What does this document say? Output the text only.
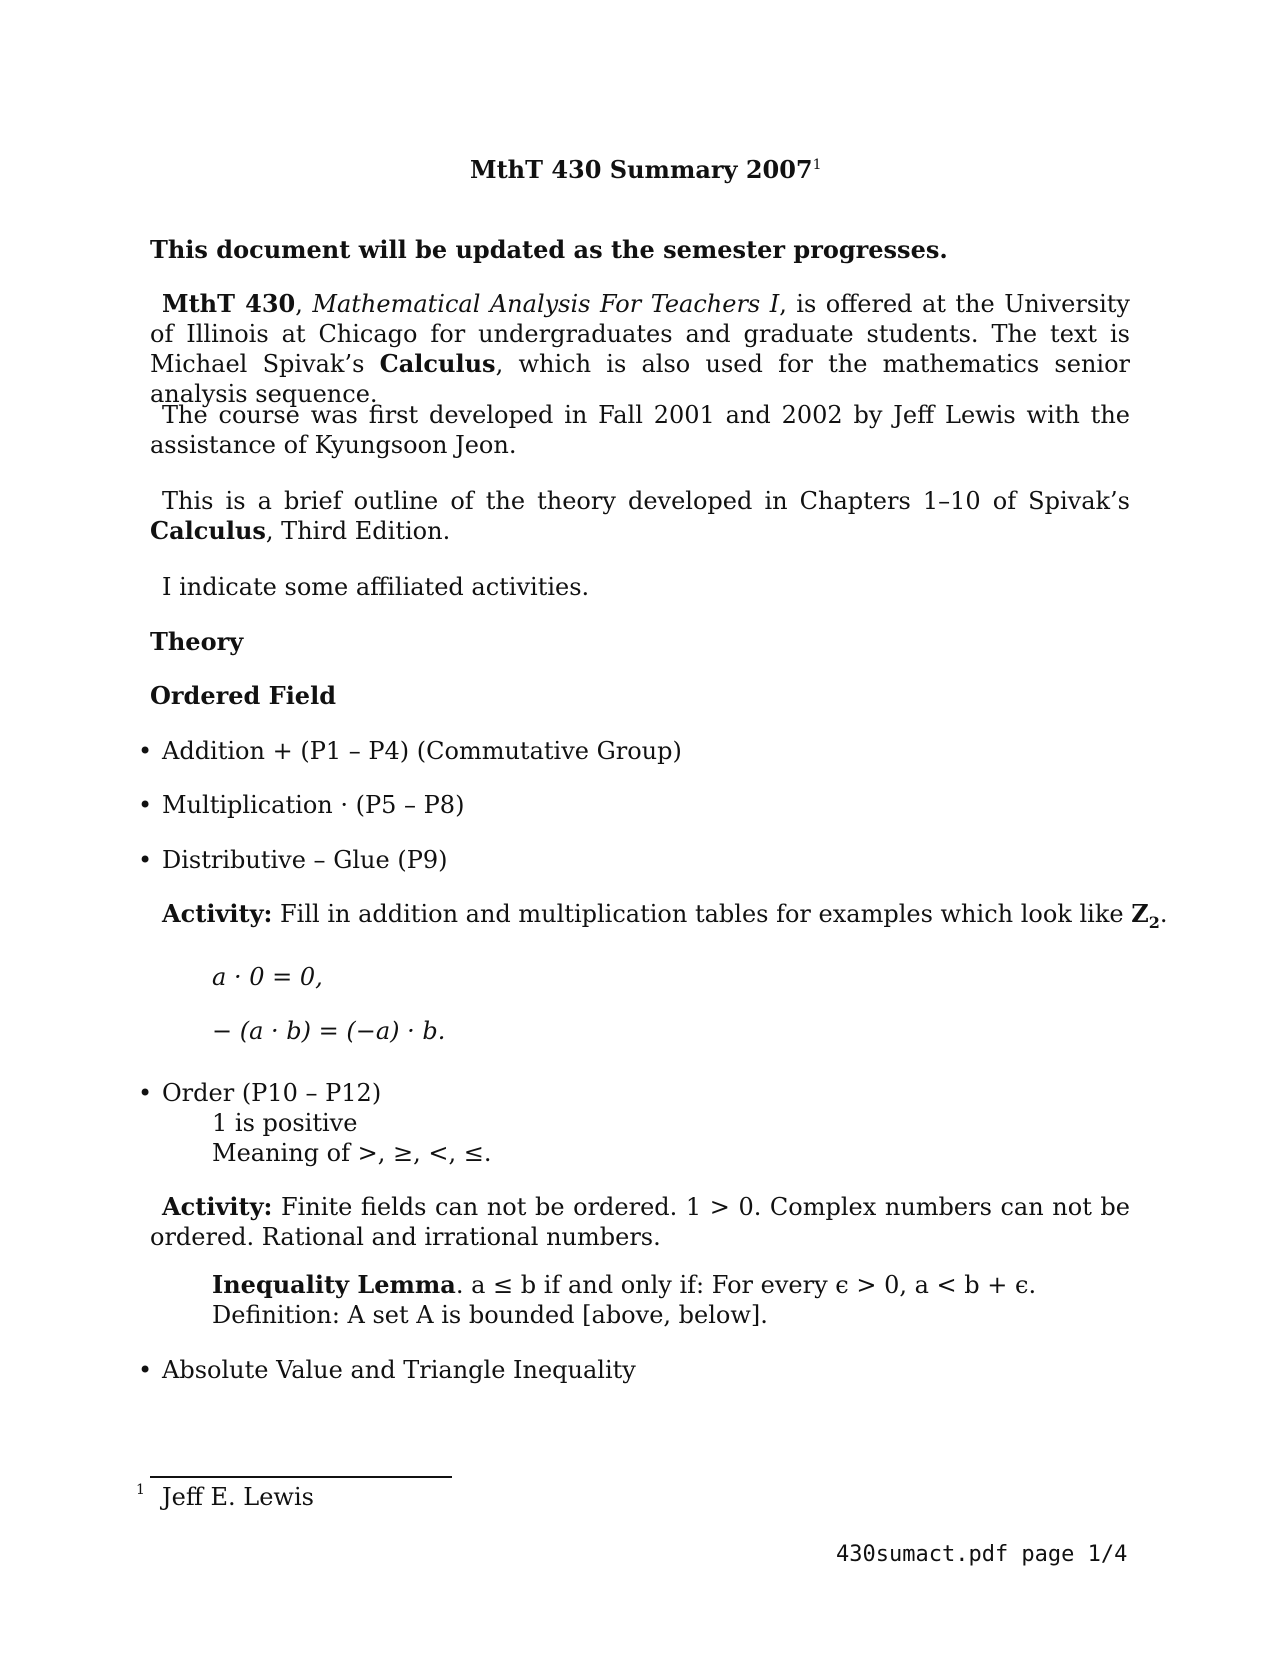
MthT 430 Summary 2007$^1$

This document will be updated as the semester progresses.

MthT 430, Mathematical Analysis For Teachers I, is offered at the University of Illinois at Chicago for undergraduates and graduate students. The text is Michael Spivak’s Calculus, which is also used for the mathematics senior analysis sequence.

The course was first developed in Fall 2001 and 2002 by Jeff Lewis with the assistance of Kyungsoon Jeon.

This is a brief outline of the theory developed in Chapters 1–10 of Spivak’s Calculus, Third Edition.

I indicate some affiliated activities.

Theory

Ordered Field

• Addition + (P1 – P4) (Commutative Group)

• Multiplication · (P5 – P8)

• Distributive – Glue (P9)

Activity: Fill in addition and multiplication tables for examples which look like $Z_2$.

a · 0 = 0,

− (a · b) = (−a) · b.

• Order (P10 – P12)

1 is positive

Meaning of >, ≥, <, ≤.

Activity: Finite fields can not be ordered. 1 > 0. Complex numbers can not be ordered. Rational and irrational numbers.

Inequality Lemma. a ≤ b if and only if: For every ϵ > 0, a < b + ϵ.

Definition: A set A is bounded [above, below].

• Absolute Value and Triangle Inequality

1 Jeff E. Lewis

430sumact.pdf page 1/4
